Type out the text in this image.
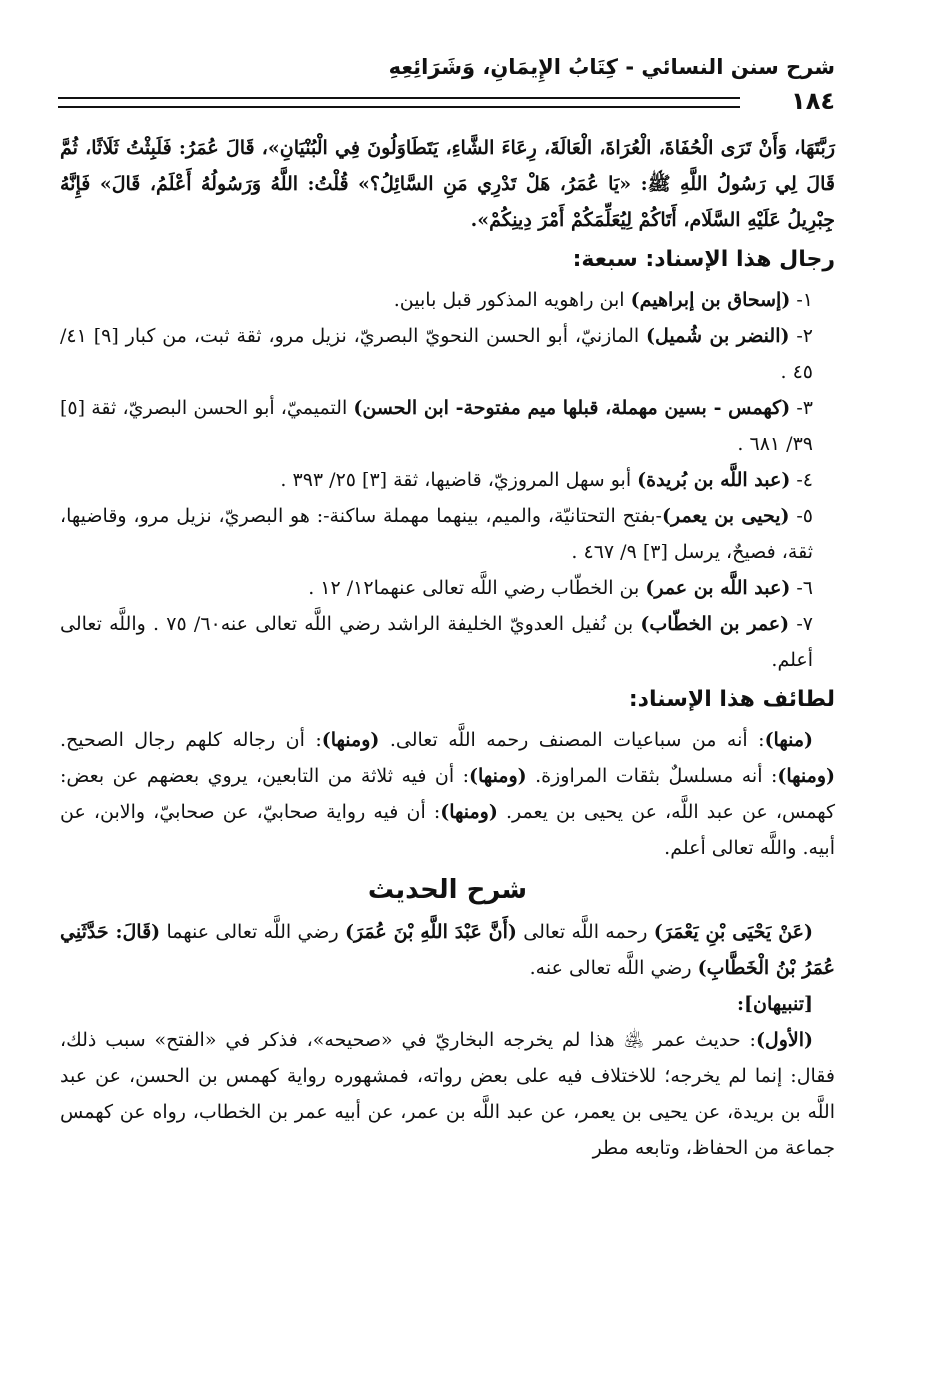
شرح سنن النسائي - كِتَابُ الإِيمَانِ، وَشَرَائِعِهِ
١٨٤

رَبَّتَهَا، وَأَنْ تَرَى الْحُفَاةَ، الْعُرَاةَ، الْعَالَةَ، رِعَاءَ الشَّاءِ، يَتَطَاوَلُونَ فِي الْبُنْيَانِ»، قَالَ عُمَرُ: فَلَبِثْتُ ثَلَاثًا، ثُمَّ قَالَ لِي رَسُولُ اللَّهِ ﷺ: «يَا عُمَرُ، هَلْ تَدْرِي مَنِ السَّائِلُ؟» قُلْتُ: اللَّهُ وَرَسُولُهُ أَعْلَمُ، قَالَ» فَإِنَّهُ جِبْرِيلُ عَلَيْهِ السَّلَام، أَتَاكُمْ لِيُعَلِّمَكُمْ أَمْرَ دِينِكُمْ».

رجال هذا الإسناد: سبعة:

١- (إسحاق بن إبراهيم) ابن راهويه المذكور قبل بابين.

٢- (النضر بن شُميل) المازنيّ، أبو الحسن النحويّ البصريّ، نزيل مرو، ثقة ثبت، من كبار [٩] ٤١/ ٤٥ .

٣- (كهمس - بسين مهملة، قبلها ميم مفتوحة- ابن الحسن) التميميّ، أبو الحسن البصريّ، ثقة [٥] ٣٩/ ٦٨١ .

٤- (عبد اللَّه بن بُريدة) أبو سهل المروزيّ، قاضيها، ثقة [٣] ٢٥/ ٣٩٣ .

٥- (يحيى بن يعمر)-بفتح التحتانيّة، والميم، بينهما مهملة ساكنة-: هو البصريّ، نزيل مرو، وقاضيها، ثقة، فصيحٌ، يرسل [٣] ٩/ ٤٦٧ .

٦- (عبد اللَّه بن عمر) بن الخطّاب رضي اللَّه تعالى عنهما١٢/ ١٢ .

٧- (عمر بن الخطّاب) بن نُفيل العدويّ الخليفة الراشد رضي اللَّه تعالى عنه٦٠/ ٧٥ . واللَّه تعالى أعلم.

لطائف هذا الإسناد:

(منها): أنه من سباعيات المصنف رحمه اللَّه تعالى. (ومنها): أن رجاله كلهم رجال الصحيح. (ومنها): أنه مسلسلٌ بثقات المراوزة. (ومنها): أن فيه ثلاثة من التابعين، يروي بعضهم عن بعض: كهمس، عن عبد اللَّه، عن يحيى بن يعمر. (ومنها): أن فيه رواية صحابيّ، عن صحابيّ، والابن، عن أبيه. واللَّه تعالى أعلم.

شرح الحديث

(عَنْ يَحْيَى بْنِ يَعْمَرَ) رحمه اللَّه تعالى (أَنَّ عَبْدَ اللَّهِ بْنَ عُمَرَ) رضي اللَّه تعالى عنهما (قَالَ: حَدَّثَنِي عُمَرُ بْنُ الْخَطَّابِ) رضي اللَّه تعالى عنه.

[تنبيهان]:

(الأول): حديث عمر ﵁ هذا لم يخرجه البخاريّ في «صحيحه»، فذكر في «الفتح» سبب ذلك، فقال: إنما لم يخرجه؛ للاختلاف فيه على بعض رواته، فمشهوره رواية كهمس بن الحسن، عن عبد اللَّه بن بريدة، عن يحيى بن يعمر، عن عبد اللَّه بن عمر، عن أبيه عمر بن الخطاب، رواه عن كهمس جماعة من الحفاظ، وتابعه مطر
